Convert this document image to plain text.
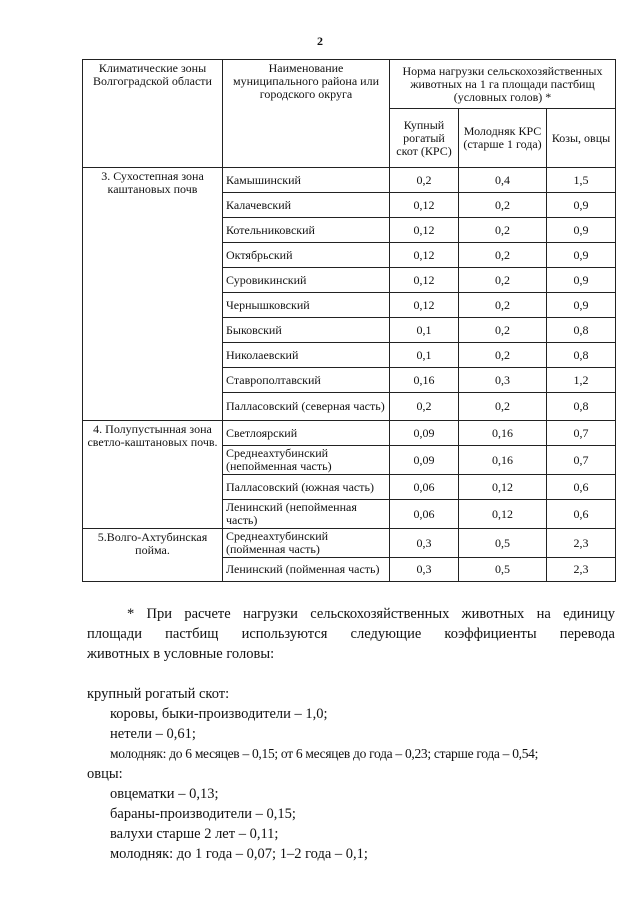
2
Климатические зоны Волгоградской области	Наименование муниципального района или городского округа	Норма нагрузки сельскохозяйственных животных на 1 га площади пастбищ (условных голов) *		
		Купный рогатый скот (КРС)	Молодняк КРС (старше 1 года)	Козы, овцы
3. Сухостепная зона каштановых почв	Камышинский	0,2	0,4	1,5
	Калачевский	0,12	0,2	0,9
	Котельниковский	0,12	0,2	0,9
	Октябрьский	0,12	0,2	0,9
	Суровикинский	0,12	0,2	0,9
	Чернышковский	0,12	0,2	0,9
	Быковский	0,1	0,2	0,8
	Николаевский	0,1	0,2	0,8
	Ставрополтавский	0,16	0,3	1,2
	Палласовский (северная часть)	0,2	0,2	0,8
4. Полупустынная зона светло-каштановых почв.	Светлоярский	0,09	0,16	0,7
	Среднеахтубинский (непойменная часть)	0,09	0,16	0,7
	Палласовский (южная часть)	0,06	0,12	0,6
	Ленинский (непойменная часть)	0,06	0,12	0,6
5.Волго-Ахтубинская пойма.	Среднеахтубинский (пойменная часть)	0,3	0,5	2,3
	Ленинский (пойменная часть)	0,3	0,5	2,3
* При расчете нагрузки сельскохозяйственных животных на единицу
площади пастбищ используются следующие коэффициенты перевода
животных в условные головы:
крупный рогатый скот:
коровы, быки-производители – 1,0;
нетели – 0,61;
молодняк: до 6 месяцев – 0,15; от 6 месяцев до года – 0,23; старше года – 0,54;
овцы:
овцематки – 0,13;
бараны-производители – 0,15;
валухи старше 2 лет – 0,11;
молодняк: до 1 года – 0,07; 1–2 года – 0,1;
